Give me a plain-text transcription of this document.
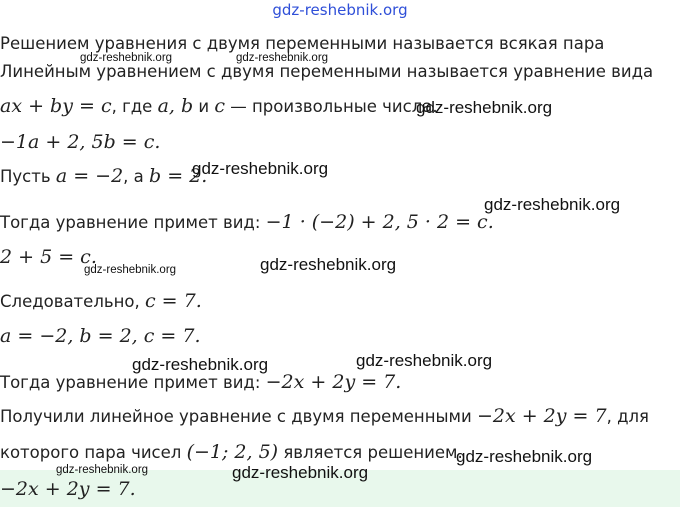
gdz-reshebnik.org
Решением уравнения с двумя переменными называется всякая пара
Линейным уравнением с двумя переменными называется уравнение вида
ax + by = c, где a, b и c — произвольные числа.
−1a + 2, 5b = c.
Пусть a = −2, а b = 2.
Тогда уравнение примет вид: −1 · (−2) + 2, 5 · 2 = c.
2 + 5 = c.
Следовательно, c = 7.
a = −2, b = 2, c = 7.
Тогда уравнение примет вид: −2x + 2y = 7.
Получили линейное уравнение с двумя переменными −2x + 2y = 7, для
которого пара чисел (−1; 2, 5) является решением.
−2x + 2y = 7.
gdz-reshebnik.org	gdz-reshebnik.org
gdz-reshebnik.org
gdz-reshebnik.org
gdz-reshebnik.org
gdz-reshebnik.org	gdz-reshebnik.org
gdz-reshebnik.org	gdz-reshebnik.org
gdz-reshebnik.org
gdz-reshebnik.org	gdz-reshebnik.org
